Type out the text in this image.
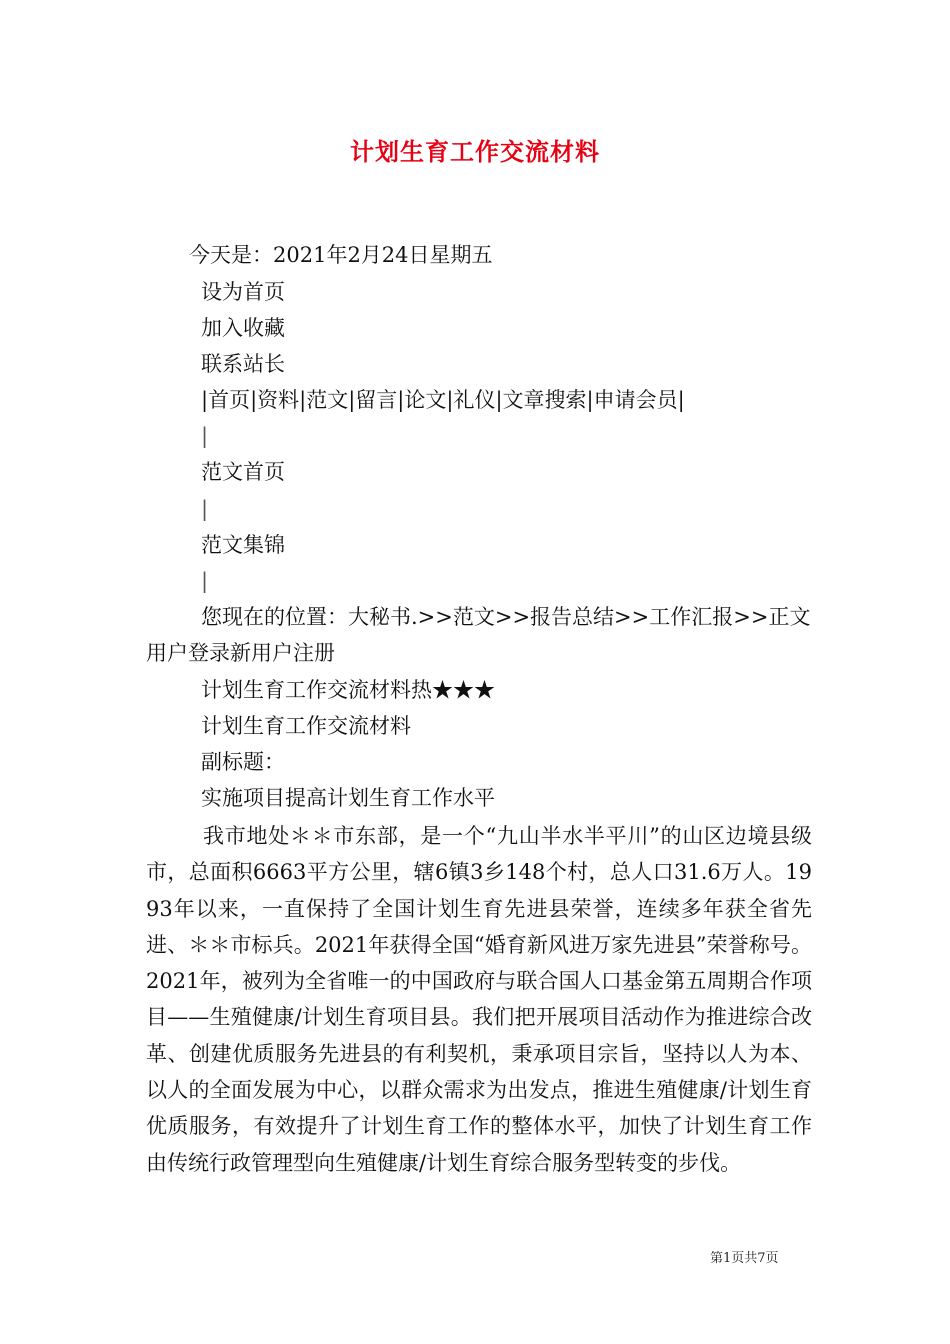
计划生育工作交流材料
今天是：2021年2月24日星期五
设为首页
加入收藏
联系站长
|首页|资料|范文|留言|论文|礼仪|文章搜索|申请会员|
|
范文首页
|
范文集锦
|
您现在的位置：大秘书.>>范文>>报告总结>>工作汇报>>正文
用户登录新用户注册
计划生育工作交流材料热★★★
计划生育工作交流材料
副标题：
实施项目提高计划生育工作水平
我市地处＊＊市东部，是一个“九山半水半平川”的山区边境县级市，总面积6663平方公里，辖6镇3乡148个村，总人口31.6万人。1993年以来，一直保持了全国计划生育先进县荣誉，连续多年获全省先进、＊＊市标兵。2021年获得全国“婚育新风进万家先进县”荣誉称号。2021年，被列为全省唯一的中国政府与联合国人口基金第五周期合作项目——生殖健康/计划生育项目县。我们把开展项目活动作为推进综合改革、创建优质服务先进县的有利契机，秉承项目宗旨，坚持以人为本、以人的全面发展为中心，以群众需求为出发点，推进生殖健康/计划生育优质服务，有效提升了计划生育工作的整体水平，加快了计划生育工作由传统行政管理型向生殖健康/计划生育综合服务型转变的步伐。
第1页共7页
